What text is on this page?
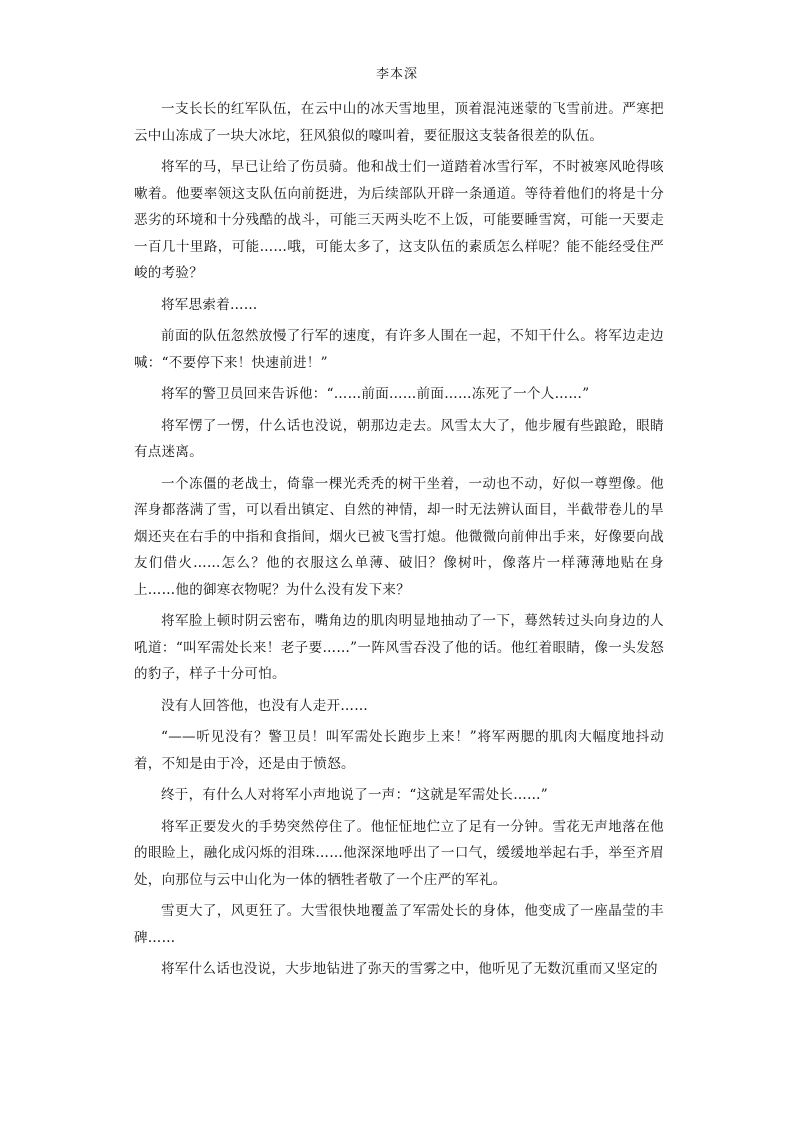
李本深

一支长长的红军队伍，在云中山的冰天雪地里，顶着混沌迷蒙的飞雪前进。严寒把云中山冻成了一块大冰坨，狂风狼似的嚎叫着，要征服这支装备很差的队伍。

将军的马，早已让给了伤员骑。他和战士们一道踏着冰雪行军，不时被寒风呛得咳嗽着。他要率领这支队伍向前挺进，为后续部队开辟一条通道。等待着他们的将是十分恶劣的环境和十分残酷的战斗，可能三天两头吃不上饭，可能要睡雪窝，可能一天要走一百几十里路，可能……哦，可能太多了，这支队伍的素质怎么样呢？能不能经受住严峻的考验？

将军思索着……

前面的队伍忽然放慢了行军的速度，有许多人围在一起，不知干什么。将军边走边喊：“不要停下来！快速前进！”

将军的警卫员回来告诉他：“……前面……前面……冻死了一个人……”

将军愣了一愣，什么话也没说，朝那边走去。风雪太大了，他步履有些踉跄，眼睛有点迷离。

一个冻僵的老战士，倚靠一棵光秃秃的树干坐着，一动也不动，好似一尊塑像。他浑身都落满了雪，可以看出镇定、自然的神情，却一时无法辨认面目，半截带卷儿的旱烟还夹在右手的中指和食指间，烟火已被飞雪打熄。他微微向前伸出手来，好像要向战友们借火……怎么？他的衣服这么单薄、破旧？像树叶，像落片一样薄薄地贴在身上……他的御寒衣物呢？为什么没有发下来？

将军脸上顿时阴云密布，嘴角边的肌肉明显地抽动了一下，蓦然转过头向身边的人吼道：“叫军需处长来！老子要……”一阵风雪吞没了他的话。他红着眼睛，像一头发怒的豹子，样子十分可怕。

没有人回答他，也没有人走开……

“——听见没有？警卫员！叫军需处长跑步上来！”将军两腮的肌肉大幅度地抖动着，不知是由于冷，还是由于愤怒。

终于，有什么人对将军小声地说了一声：“这就是军需处长……”

将军正要发火的手势突然停住了。他怔怔地伫立了足有一分钟。雪花无声地落在他的眼睑上，融化成闪烁的泪珠……他深深地呼出了一口气，缓缓地举起右手，举至齐眉处，向那位与云中山化为一体的牺牲者敬了一个庄严的军礼。

雪更大了，风更狂了。大雪很快地覆盖了军需处长的身体，他变成了一座晶莹的丰碑……

将军什么话也没说，大步地钻进了弥天的雪雾之中，他听见了无数沉重而又坚定的
